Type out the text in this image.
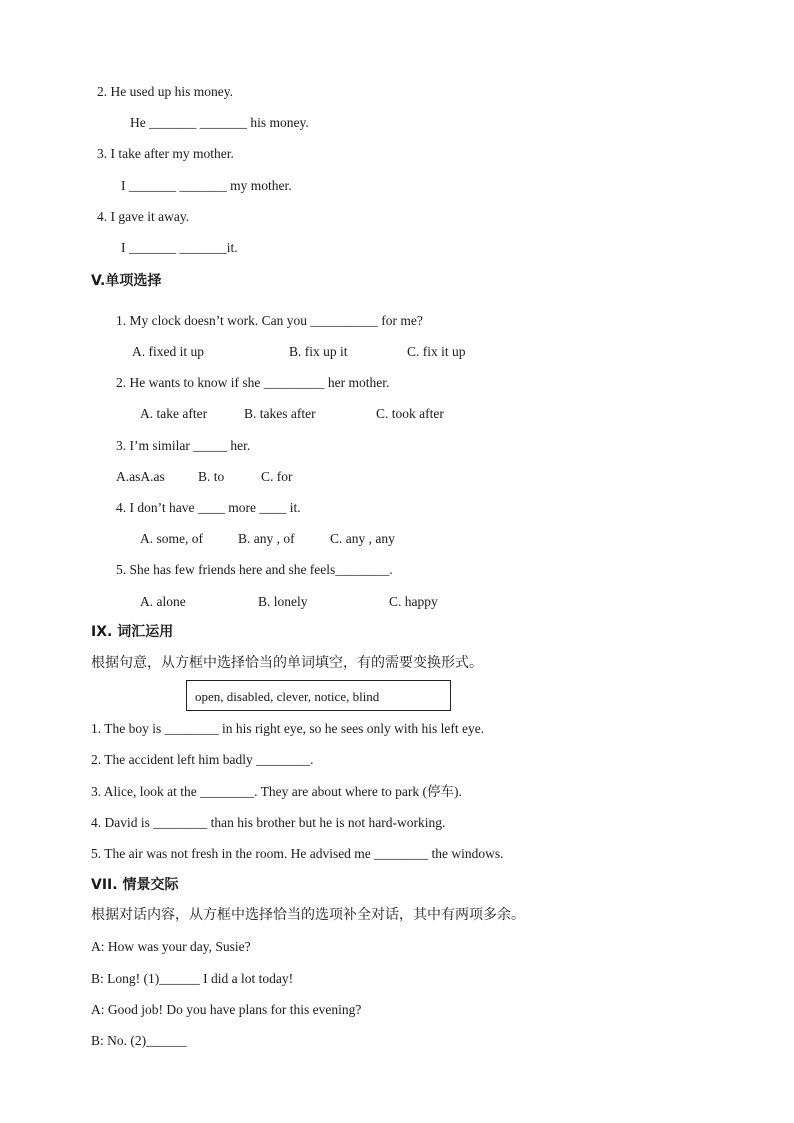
2. He used up his money.
He _______ _______ his money.
3. I take after my mother.
I _______ _______ my mother.
4. I gave it away.
I _______ _______it.
V.单项选择
1. My clock doesn’t work. Can you __________ for me?
A. fixed it up	B. fix up it	C. fix it up
2. He wants to know if she _________ her mother.
A. take after	B. takes after	C. took after
3. I’m similar _____ her.
A.asA.as B. to	C. for
4. I don’t have ____ more ____ it.
A. some, of	B. any , of	C. any , any
5. She has few friends here and she feels________.
A. alone	B. lonely	C. happy
IX. 词汇运用
根据句意，从方框中选择恰当的单词填空，有的需要变换形式。
open, disabled, clever, notice, blind
1. The boy is ________ in his right eye, so he sees only with his left eye.
2. The accident left him badly ________.
3. Alice, look at the ________. They are about where to park (停车).
4. David is ________ than his brother but he is not hard-working.
5. The air was not fresh in the room. He advised me ________ the windows.
VII. 情景交际
根据对话内容，从方框中选择恰当的选项补全对话，其中有两项多余。
A: How was your day, Susie?
B: Long! (1)______ I did a lot today!
A: Good job! Do you have plans for this evening?
B: No. (2)______
